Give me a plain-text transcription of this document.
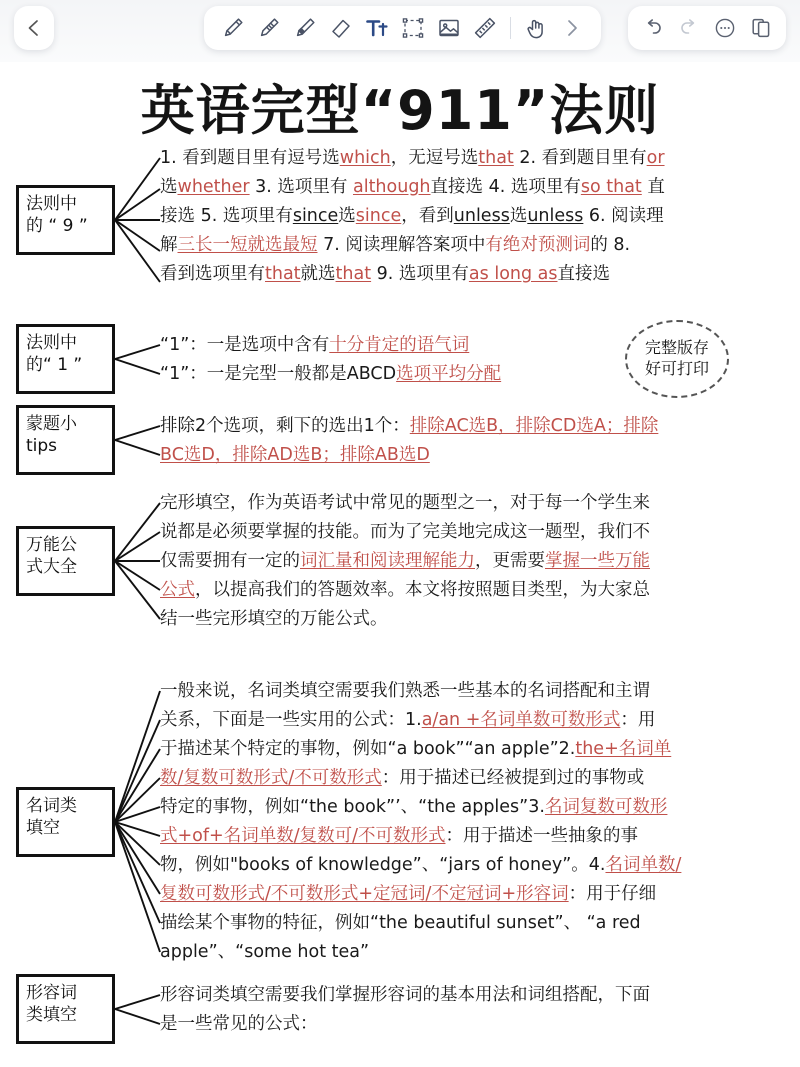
英语完型“911”法则
法则中
的 “ 9 ”
法则中
的“ 1 ”
蒙题小
tips
万能公
式大全
名词类
填空
形容词
类填空

1. 看到题目里有逗号选which，无逗号选that 2. 看到题目里有or

选whether 3. 选项里有 although直接选 4. 选项里有so that 直

接选 5. 选项里有since选since，看到unless选unless 6. 阅读理

解三长一短就选最短 7. 阅读理解答案项中有绝对预测词的 8.

看到选项里有that就选that 9. 选项里有as long as直接选

“1”：一是选项中含有十分肯定的语气词

“1”：一是完型一般都是ABCD选项平均分配

排除2个选项，剩下的选出1个：排除AC选B，排除CD选A；排除

BC选D，排除AD选B；排除AB选D

完形填空，作为英语考试中常见的题型之一，对于每一个学生来

说都是必须要掌握的技能。而为了完美地完成这一题型，我们不

仅需要拥有一定的词汇量和阅读理解能力，更需要掌握一些万能

公式，以提高我们的答题效率。本文将按照题目类型，为大家总

结一些完形填空的万能公式。

一般来说，名词类填空需要我们熟悉一些基本的名词搭配和主谓

关系，下面是一些实用的公式：1.a/an +名词单数可数形式：用

于描述某个特定的事物，例如“a book”“an apple”2.the+名词单

数/复数可数形式/不可数形式：用于描述已经被提到过的事物或

特定的事物，例如“the book”’、“the apples”3.名词复数可数形

式+of+名词单数/复数可/不可数形式：用于描述一些抽象的事

物，例如"books of knowledge”、“jars of honey”。4.名词单数/

复数可数形式/不可数形式+定冠词/不定冠词+形容词：用于仔细

描绘某个事物的特征，例如“the beautiful sunset”、 “a red

apple”、“some hot tea”

形容词类填空需要我们掌握形容词的基本用法和词组搭配，下面

是一些常见的公式：

完整版存
好可打印
